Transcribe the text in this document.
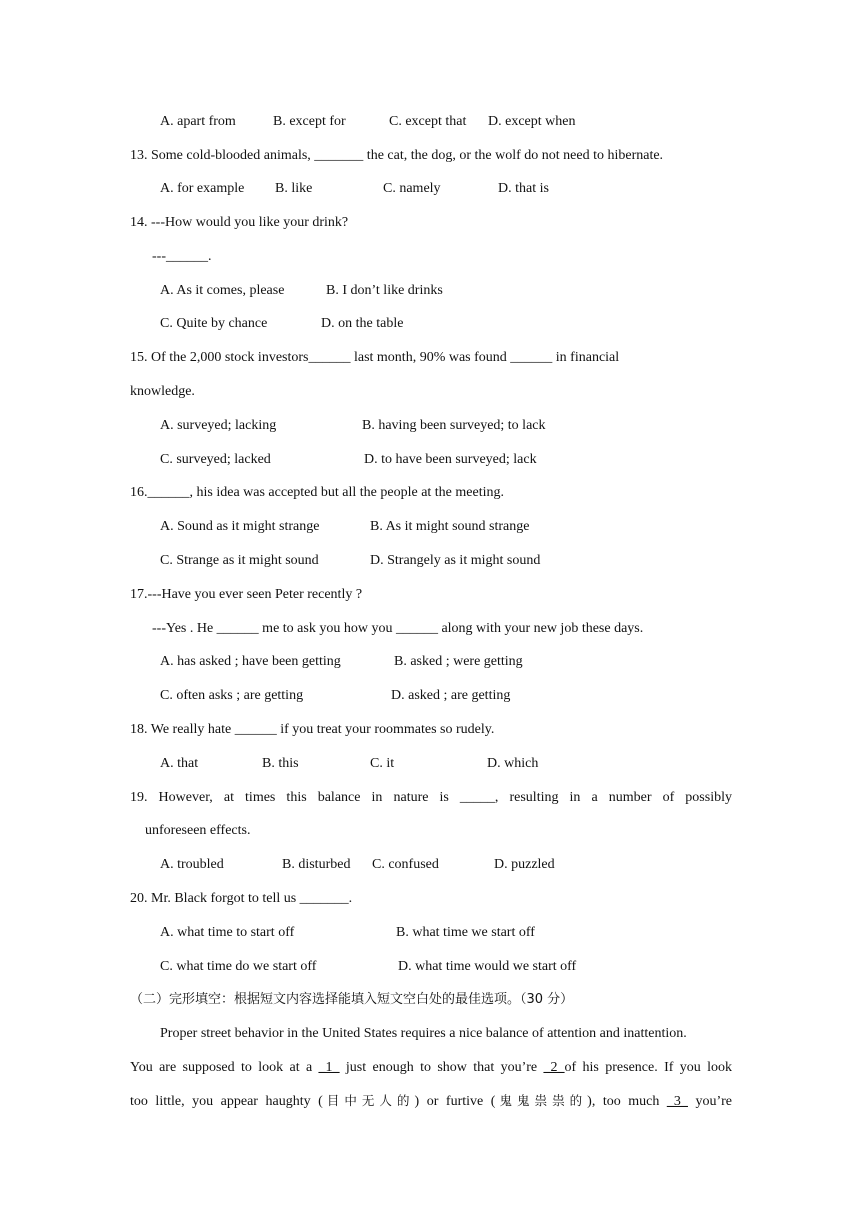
A. apart from	B. except for	C. except that D. except when
13. Some cold-blooded animals, _______ the cat, the dog, or the wolf do not need to hibernate.
A. for example B. like	C. namely	D. that is
14. ---How would you like your drink?
---______.
A. As it comes, please	B. I don’t like drinks
C. Quite by chance	D. on the table
15. Of the 2,000 stock investors______ last month, 90% was found ______ in financial
knowledge.
A. surveyed; lacking	B. having been surveyed; to lack
C. surveyed; lacked	D. to have been surveyed; lack
16.______, his idea was accepted but all the people at the meeting.
A. Sound as it might strange	B. As it might sound strange
C. Strange as it might sound	D. Strangely as it might sound
17.---Have you ever seen Peter recently ?
---Yes . He ______ me to ask you how you ______ along with your new job these days.
A. has asked ; have been getting	B. asked ; were getting
C. often asks ; are getting	D. asked ; are getting
18. We really hate ______ if you treat your roommates so rudely.
A. that	B. this	C. it	D. which
19. However, at times this balance in nature is _____, resulting in a number of possibly
unforeseen effects.
A. troubled	B. disturbed C. confused	D. puzzled
20. Mr. Black forgot to tell us _______.
A. what time to start off	B. what time we start off
C. what time do we start off	D. what time would we start off
（二）完形填空：根据短文内容选择能填入短文空白处的最佳选项。（30 分）
Proper street behavior in the United States requires a nice balance of attention and inattention.
You are supposed to look at a _1_ just enough to show that you’re _2_of his presence. If you look
too little, you appear haughty (目中无人的) or furtive (鬼鬼祟祟的), too much _3_ you’re
